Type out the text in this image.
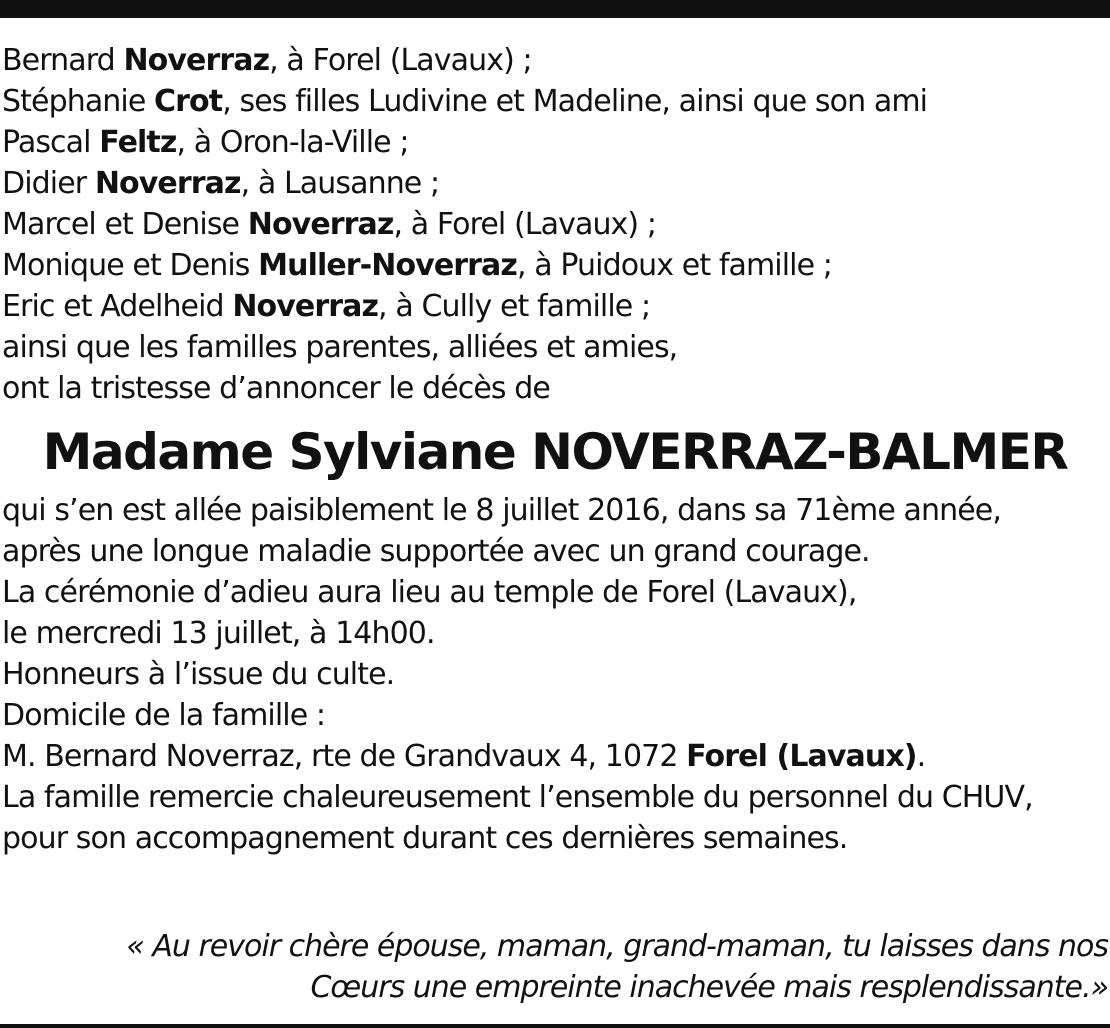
Bernard Noverraz, à Forel (Lavaux) ;
Stéphanie Crot, ses filles Ludivine et Madeline, ainsi que son ami
Pascal Feltz, à Oron-la-Ville ;
Didier Noverraz, à Lausanne ;
Marcel et Denise Noverraz, à Forel (Lavaux) ;
Monique et Denis Muller-Noverraz, à Puidoux et famille ;
Eric et Adelheid Noverraz, à Cully et famille ;
ainsi que les familles parentes, alliées et amies,
ont la tristesse d’annoncer le décès de
Madame Sylviane NOVERRAZ-BALMER
qui s’en est allée paisiblement le 8 juillet 2016, dans sa 71ème année,
après une longue maladie supportée avec un grand courage.
La cérémonie d’adieu aura lieu au temple de Forel (Lavaux),
le mercredi 13 juillet, à 14h00.
Honneurs à l’issue du culte.
Domicile de la famille :
M. Bernard Noverraz, rte de Grandvaux 4, 1072 Forel (Lavaux).
La famille remercie chaleureusement l’ensemble du personnel du CHUV,
pour son accompagnement durant ces dernières semaines.
« Au revoir chère épouse, maman, grand-maman, tu laisses dans nos
Cœurs une empreinte inachevée mais resplendissante.»
